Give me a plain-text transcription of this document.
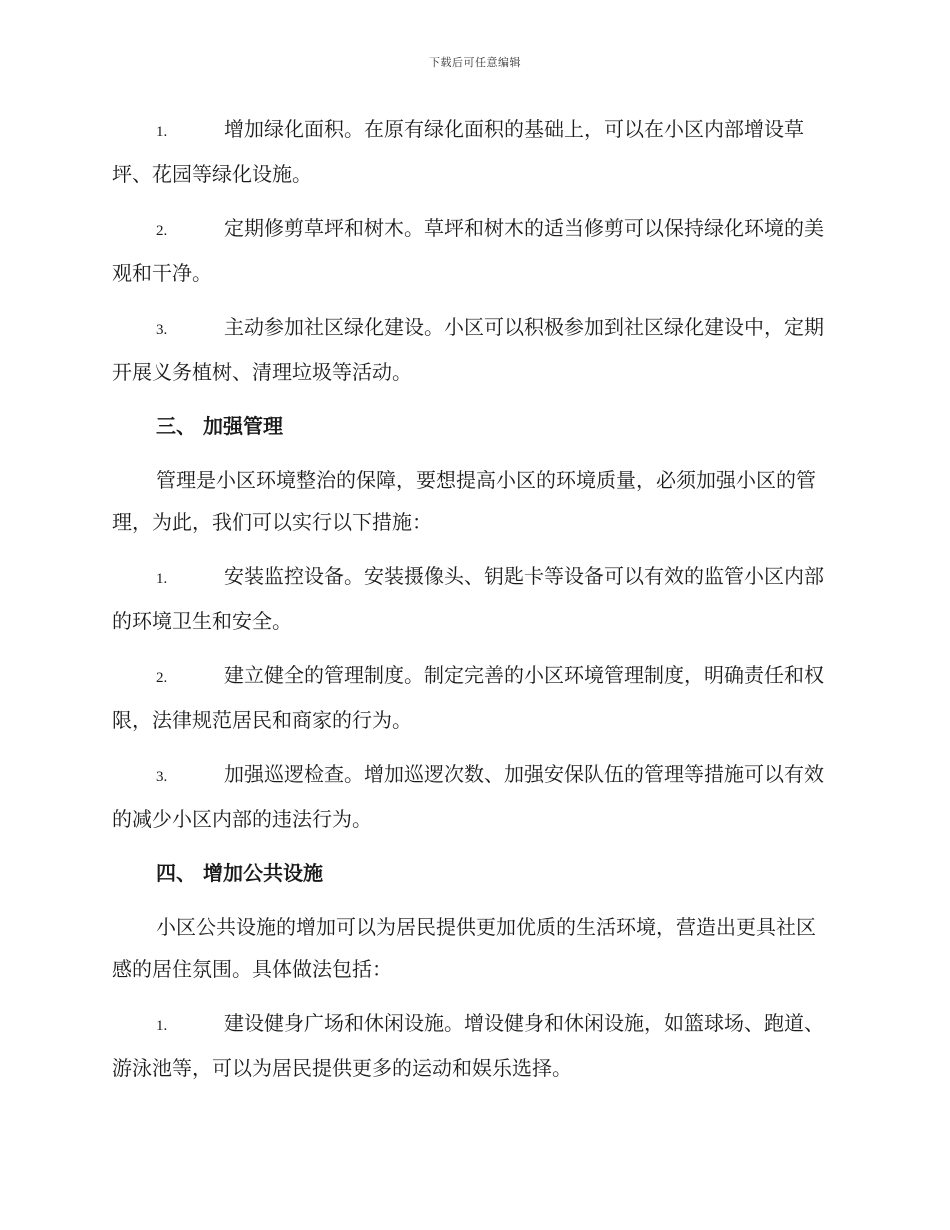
下载后可任意编辑
1.	增加绿化面积。在原有绿化面积的基础上，可以在小区内部增设草坪、花园等绿化设施。
2.	定期修剪草坪和树木。草坪和树木的适当修剪可以保持绿化环境的美观和干净。
3.	主动参加社区绿化建设。小区可以积极参加到社区绿化建设中，定期开展义务植树、清理垃圾等活动。
三、 加强管理
管理是小区环境整治的保障，要想提高小区的环境质量，必须加强小区的管理，为此，我们可以实行以下措施：
1.	安装监控设备。安装摄像头、钥匙卡等设备可以有效的监管小区内部的环境卫生和安全。
2.	建立健全的管理制度。制定完善的小区环境管理制度，明确责任和权限，法律规范居民和商家的行为。
3.	加强巡逻检查。增加巡逻次数、加强安保队伍的管理等措施可以有效的减少小区内部的违法行为。
四、 增加公共设施
小区公共设施的增加可以为居民提供更加优质的生活环境，营造出更具社区感的居住氛围。具体做法包括：
1.	建设健身广场和休闲设施。增设健身和休闲设施，如篮球场、跑道、游泳池等，可以为居民提供更多的运动和娱乐选择。
